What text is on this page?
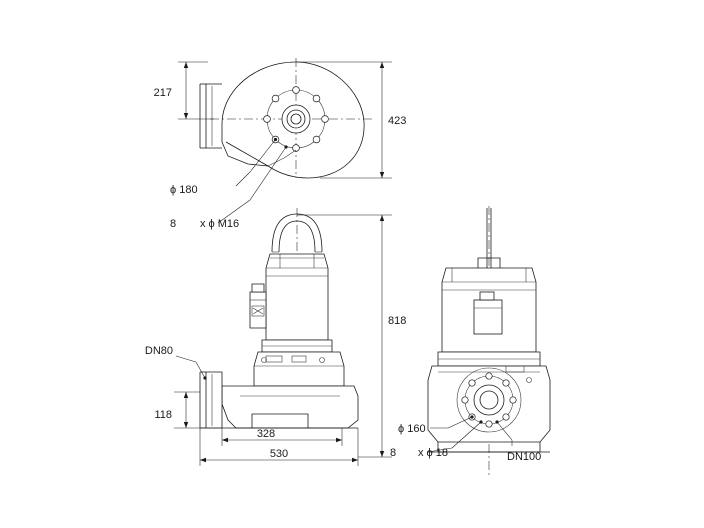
217
423
ϕ 180
8 x ϕ M16
DN80
818
118
328
530
ϕ 160
8 x ϕ 18	DN100
